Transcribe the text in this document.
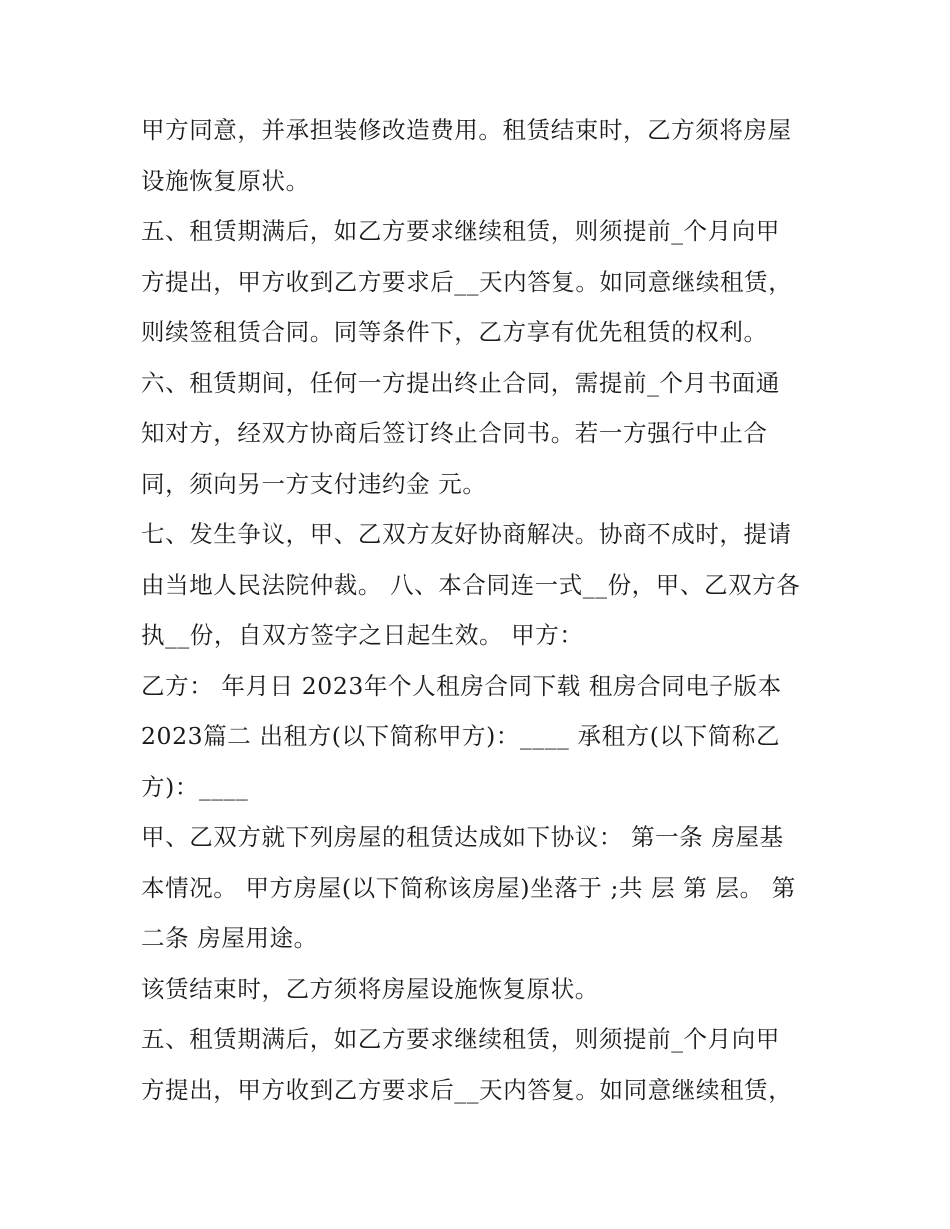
甲方同意，并承担装修改造费用。租赁结束时，乙方须将房屋
设施恢复原状。
五、租赁期满后，如乙方要求继续租赁，则须提前_个月向甲
方提出，甲方收到乙方要求后__天内答复。如同意继续租赁，
则续签租赁合同。同等条件下，乙方享有优先租赁的权利。
六、租赁期间，任何一方提出终止合同，需提前_个月书面通
知对方，经双方协商后签订终止合同书。若一方强行中止合
同，须向另一方支付违约金 元。
七、发生争议，甲、乙双方友好协商解决。协商不成时，提请
由当地人民法院仲裁。 八、本合同连一式__份，甲、乙双方各
执__份，自双方签字之日起生效。 甲方：
乙方： 年月日 2023年个人租房合同下载 租房合同电子版本
2023篇二 出租方(以下简称甲方)：____ 承租方(以下简称乙
方)：____
甲、乙双方就下列房屋的租赁达成如下协议： 第一条 房屋基
本情况。 甲方房屋(以下简称该房屋)坐落于 ;共 层 第 层。 第
二条 房屋用途。
该赁结束时，乙方须将房屋设施恢复原状。
五、租赁期满后，如乙方要求继续租赁，则须提前_个月向甲
方提出，甲方收到乙方要求后__天内答复。如同意继续租赁，
